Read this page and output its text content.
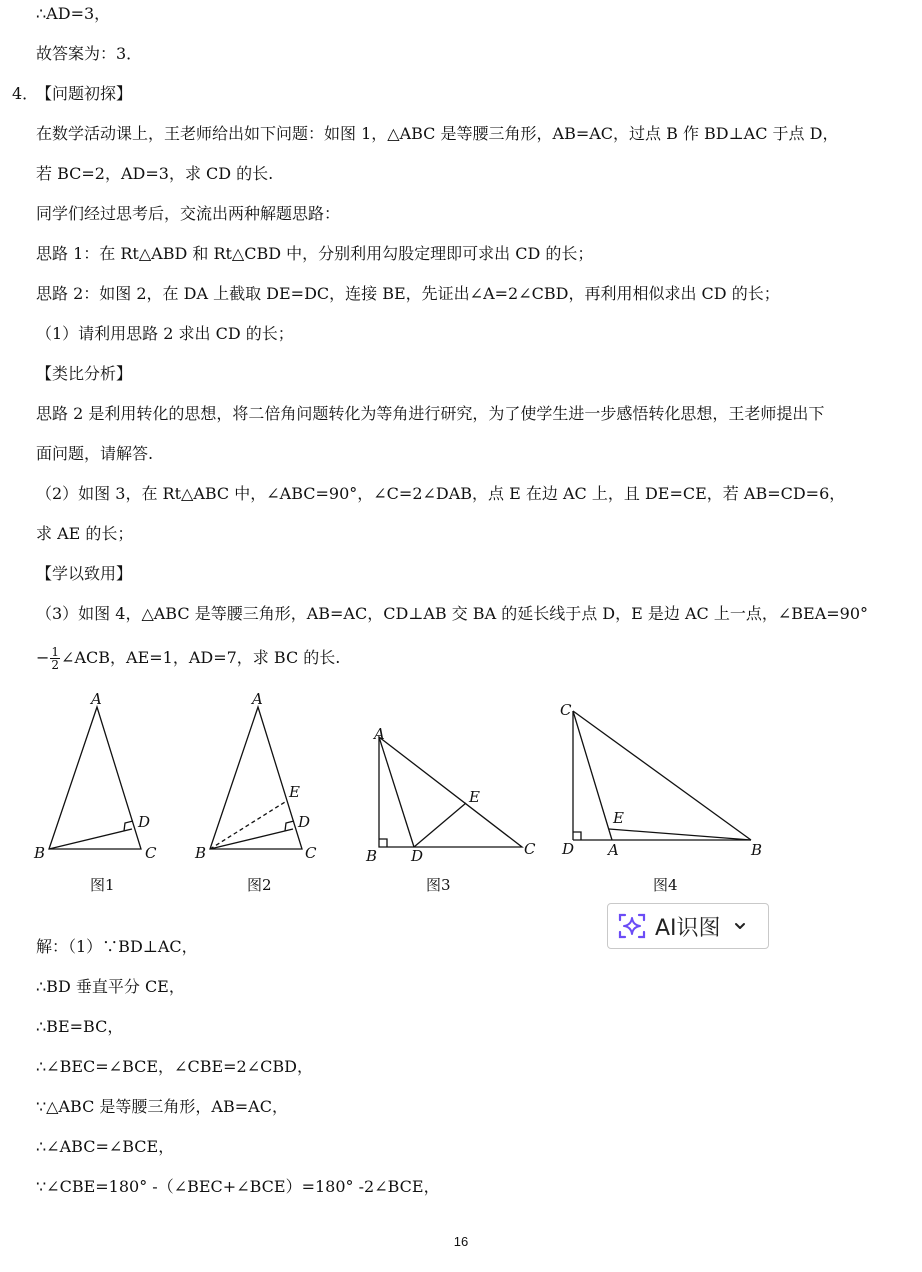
∴AD=3，
故答案为：3．
4．
【问题初探】
在数学活动课上，王老师给出如下问题：如图 1，△ABC 是等腰三角形，AB=AC，过点 B 作 BD⊥AC 于点 D，
若 BC=2，AD=3，求 CD 的长.
同学们经过思考后，交流出两种解题思路：
思路 1：在 Rt△ABD 和 Rt△CBD 中，分别利用勾股定理即可求出 CD 的长；
思路 2：如图 2，在 DA 上截取 DE=DC，连接 BE，先证出∠A=2∠CBD，再利用相似求出 CD 的长；
（1）请利用思路 2 求出 CD 的长；
【类比分析】
思路 2 是利用转化的思想，将二倍角问题转化为等角进行研究，为了使学生进一步感悟转化思想，王老师提出下
面问题，请解答.
（2）如图 3，在 Rt△ABC 中，∠ABC=90°，∠C=2∠DAB，点 E 在边 AC 上，且 DE=CE，若 AB=CD=6，
求 AE 的长；
【学以致用】
（3）如图 4，△ABC 是等腰三角形，AB=AC，CD⊥AB 交 BA 的延长线于点 D，E 是边 AC 上一点，∠BEA=90°
− $\frac{1}{2}$ ∠ACB，AE=1，AD=7，求 BC 的长.
A
B	C
D
图1
A
B	C
D
E
图2
A
B	C
D
E
图3
A	B
C
D
E
图4
AI识图
解：（1）∵BD⊥AC，
∴BD 垂直平分 CE，
∴BE=BC，
∴∠BEC=∠BCE，∠CBE=2∠CBD，
∵△ABC 是等腰三角形，AB=AC，
∴∠ABC=∠BCE，
∵∠CBE=180° -（∠BEC+∠BCE）=180° -2∠BCE，
16
